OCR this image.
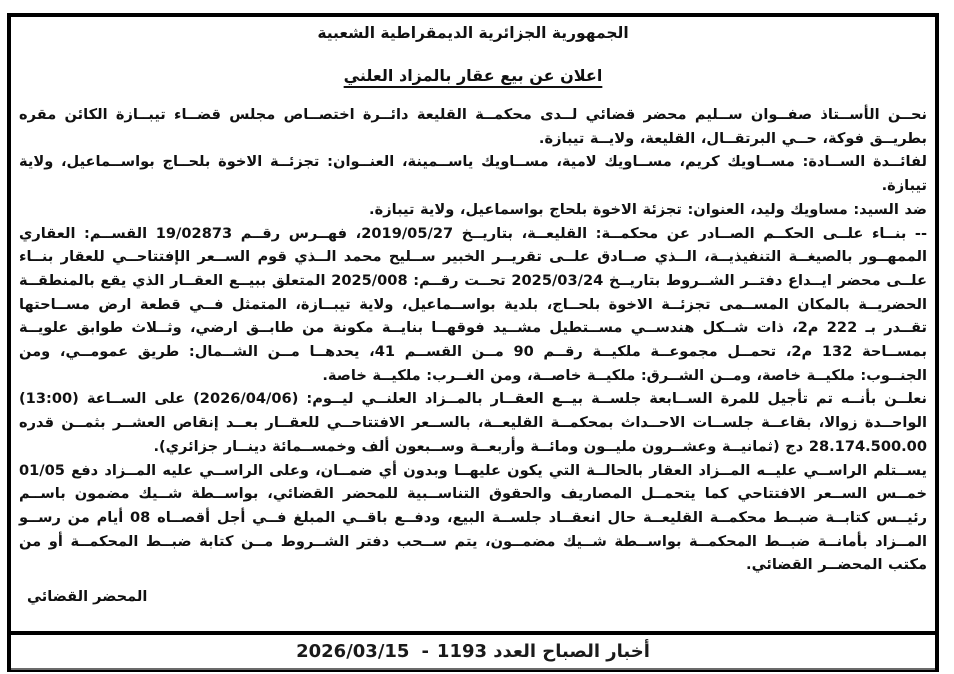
الجمهورية الجزائرية الديمقراطية الشعبية
اعلان عن بيع عقار بالمزاد العلني

نحــن الأســتاذ صفــوان ســليم محضر قضائي لــدى محكمــة القليعة دائــرة اختصــاص مجلس قضــاء تيبــازة الكائن مقره بطريــق فوكة، حــي البرتقــال، القليعة، ولايــة تيبازة.

لفائــدة الســادة: مســاويك كريم، مســاويك لامية، مســاويك ياســمينة، العنــوان: تجزئــة الاخوة بلحــاج بواســماعيل، ولاية تيبازة.

ضد السيد: مساويك وليد، العنوان: تجزئة الاخوة بلحاج بواسماعيل، ولاية تيبازة.

-- بنــاء علــى الحكــم الصــادر عن محكمــة: القليعــة، بتاريــخ 2019/05/27، فهــرس رقــم 19/02873 القســم: العقاري الممهــور بالصيغــة التنفيذيــة، الــذي صــادق علــى تقريــر الخبير ســليح محمد الــذي قوم الســعر الإفتتاحــي للعقار بنــاء علــى محضر ايــداع دفتــر الشــروط بتاريــخ 2025/03/24 تحــت رقــم: 2025/008 المتعلق ببيــع العقــار الذي يقع بالمنطقــة الحضريــة بالمكان المســمى تجزئــة الاخوة بلحــاج، بلدية بواســماعيل، ولاية تيبــازة، المتمثل فــي قطعة ارض مســاحتها تقــدر بـ 222 م2، ذات شــكل هندســي مســتطيل مشــيد فوقهــا بنايــة مكونة من طابــق ارضي، وثــلاث طوابق علويــة بمســاحة 132 م2، تحمــل مجموعــة ملكيــة رقــم 90 مــن القســم 41، يحدهــا مــن الشــمال: طريق عمومــي، ومن الجنــوب: ملكيــة خاصة، ومــن الشــرق: ملكيــة خاصــة، ومن الغــرب: ملكيــة خاصة.

نعلــن بأنــه تم تأجيل للمرة الســابعة جلســة بيــع العقــار بالمــزاد العلنــي ليــوم: (2026/04/06) على الســاعة (13:00) الواحــدة زوالا، بقاعــة جلســات الاحــداث بمحكمــة القليعــة، بالســعر الافتتاحــي للعقــار بعــد إنقاص العشــر بثمــن قدره 28.174.500.00 دج (ثمانيــة وعشــرون مليــون ومائــة وأربعــة وســبعون ألف وخمســمائة دينــار جزائري).

يســتلم الراســي عليــه المــزاد العقار بالحالــة التي يكون عليهــا وبدون أي ضمــان، وعلى الراســي عليه المــزاد دفع 01/05 خمــس الســعر الافتتاحي كما يتحمــل المصاريف والحقوق التناســبية للمحضر القضائي، بواســطة شــيك مضمون باســم رئيــس كتابــة ضبــط محكمــة القليعــة حال انعقــاد جلســة البيع، ودفــع باقــي المبلغ فــي أجل أقصــاه 08 أيام من رســو المــزاد بأمانــة ضبــط المحكمــة بواســطة شــيك مضمــون، يتم ســحب دفتر الشــروط مــن كتابة ضبــط المحكمــة أو من مكتب المحضــر القضائي.

المحضر القضائي
أخبار الصباح العدد 1193
-
2026/03/15
